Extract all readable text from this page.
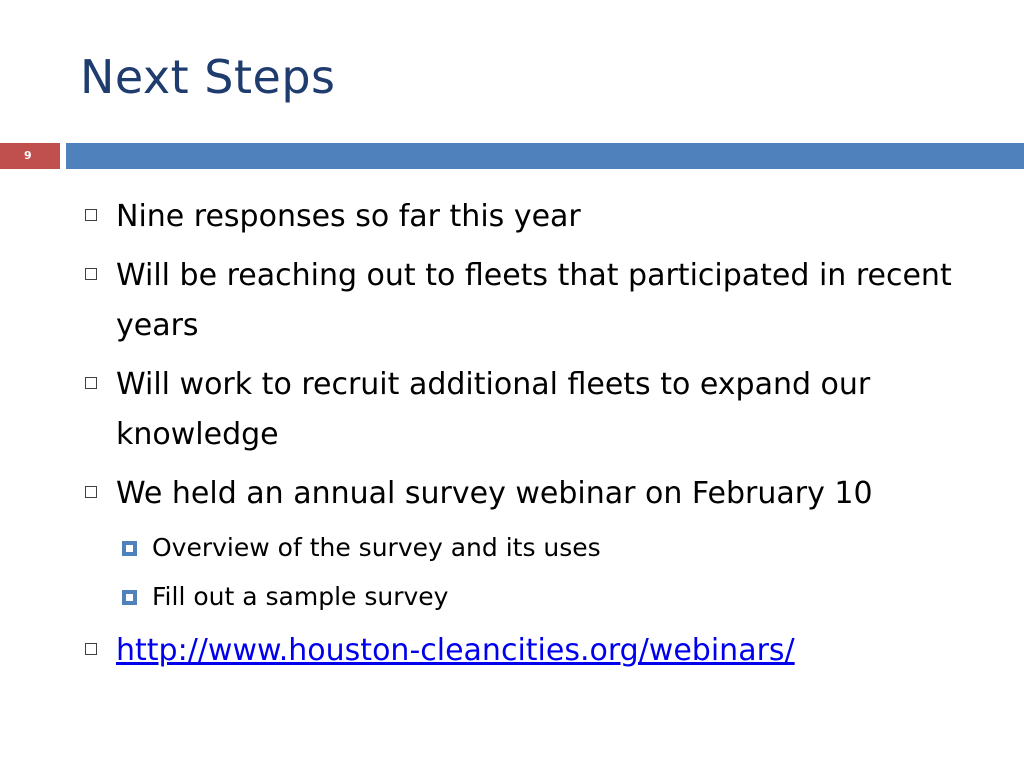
Next Steps
9
Nine responses so far this year
Will be reaching out to fleets that participated in recent years
Will work to recruit additional fleets to expand our knowledge
We held an annual survey webinar on February 10
Overview of the survey and its uses
Fill out a sample survey
http://www.houston-cleancities.org/webinars/
